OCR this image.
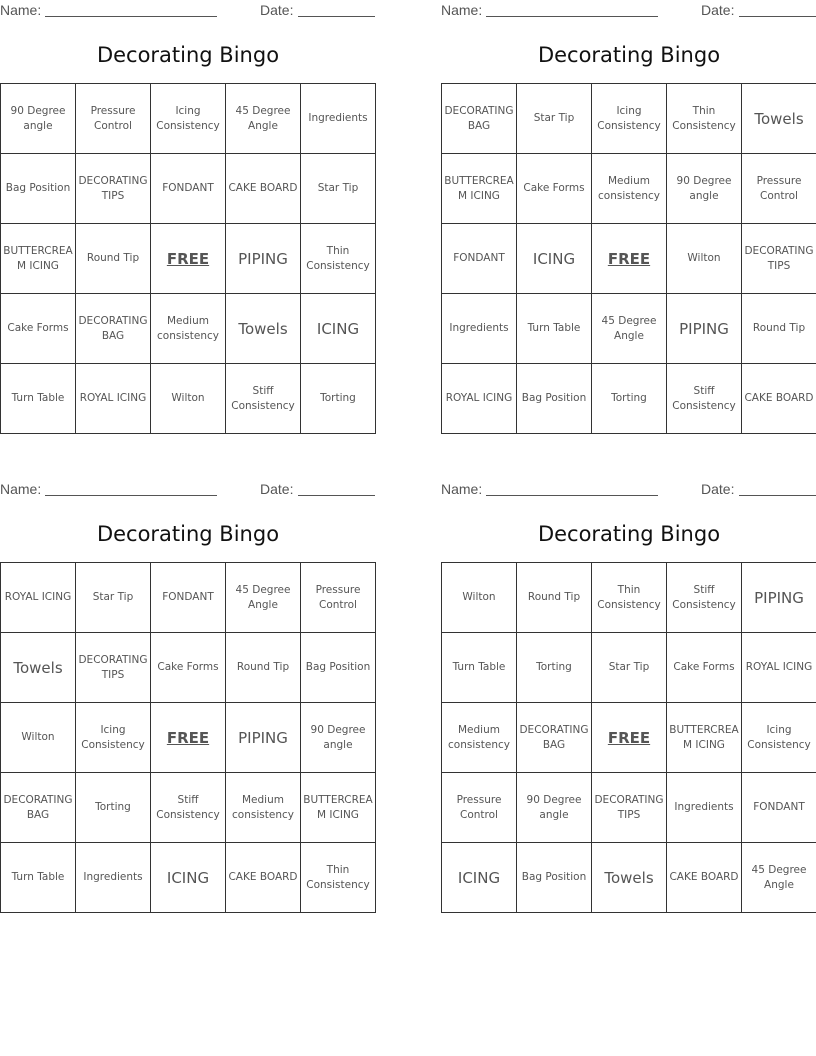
Name:	Date:
Decorating Bingo
90 Degree angle	Pressure Control	Icing Consistency	45 Degree Angle	Ingredients
Bag Position	DECORATING TIPS	FONDANT	CAKE BOARD	Star Tip
BUTTERCREAM ICING	Round Tip	FREE	PIPING	Thin Consistency
Cake Forms	DECORATING BAG	Medium consistency	Towels	ICING
Turn Table	ROYAL ICING	Wilton	Stiff Consistency	Torting
Name:	Date:
Decorating Bingo
DECORATING BAG	Star Tip	Icing Consistency	Thin Consistency	Towels
BUTTERCREAM ICING	Cake Forms	Medium consistency	90 Degree angle	Pressure Control
FONDANT	ICING	FREE	Wilton	DECORATING TIPS
Ingredients	Turn Table	45 Degree Angle	PIPING	Round Tip
ROYAL ICING	Bag Position	Torting	Stiff Consistency	CAKE BOARD
Name:	Date:
Decorating Bingo
ROYAL ICING	Star Tip	FONDANT	45 Degree Angle	Pressure Control
Towels	DECORATING TIPS	Cake Forms	Round Tip	Bag Position
Wilton	Icing Consistency	FREE	PIPING	90 Degree angle
DECORATING BAG	Torting	Stiff Consistency	Medium consistency	BUTTERCREAM ICING
Turn Table	Ingredients	ICING	CAKE BOARD	Thin Consistency
Name:	Date:
Decorating Bingo
Wilton	Round Tip	Thin Consistency	Stiff Consistency	PIPING
Turn Table	Torting	Star Tip	Cake Forms	ROYAL ICING
Medium consistency	DECORATING BAG	FREE	BUTTERCREAM ICING	Icing Consistency
Pressure Control	90 Degree angle	DECORATING TIPS	Ingredients	FONDANT
ICING	Bag Position	Towels	CAKE BOARD	45 Degree Angle
